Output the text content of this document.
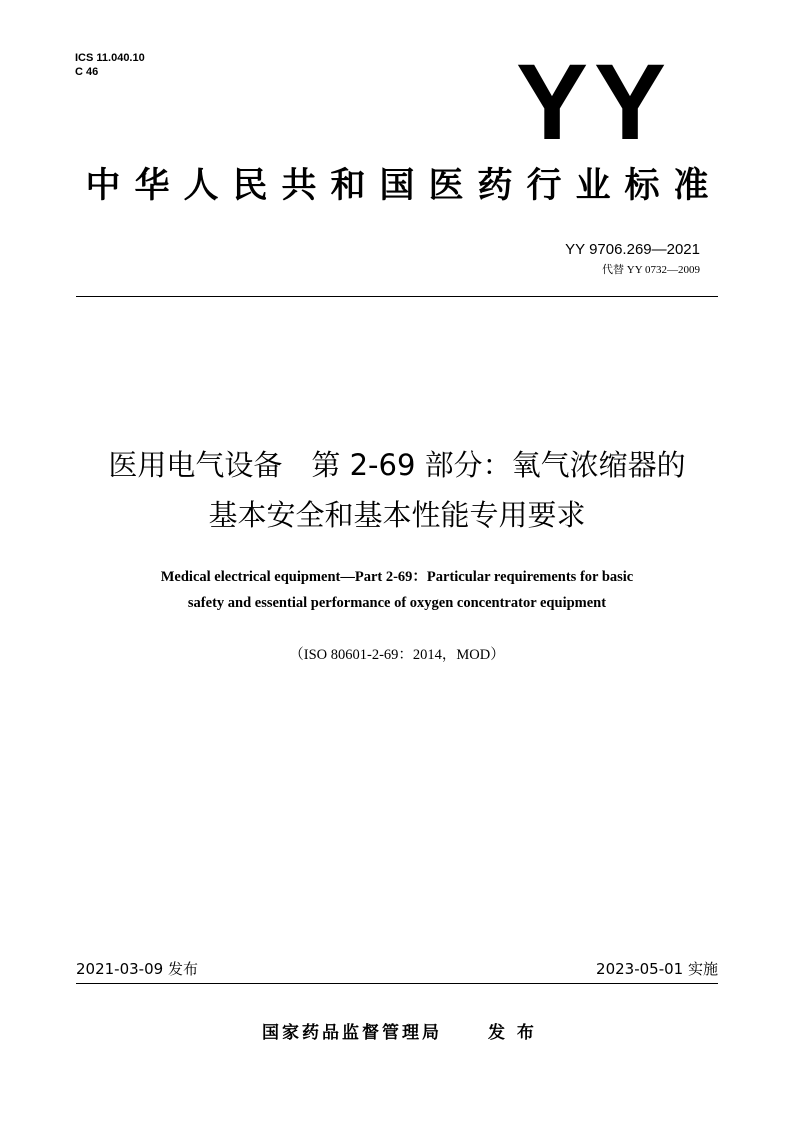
ICS 11.040.10
C 46	YY
中华人民共和国医药行业标准
YY 9706.269—2021
代替 YY 0732—2009
医用电气设备　第 2-69 部分：氧气浓缩器的
基本安全和基本性能专用要求
Medical electrical equipment—Part 2-69：Particular requirements for basic
safety and essential performance of oxygen concentrator equipment
（ISO 80601-2-69：2014，MOD）
2021-03-09 发布	2023-05-01 实施
国家药品监督管理局	发 布
